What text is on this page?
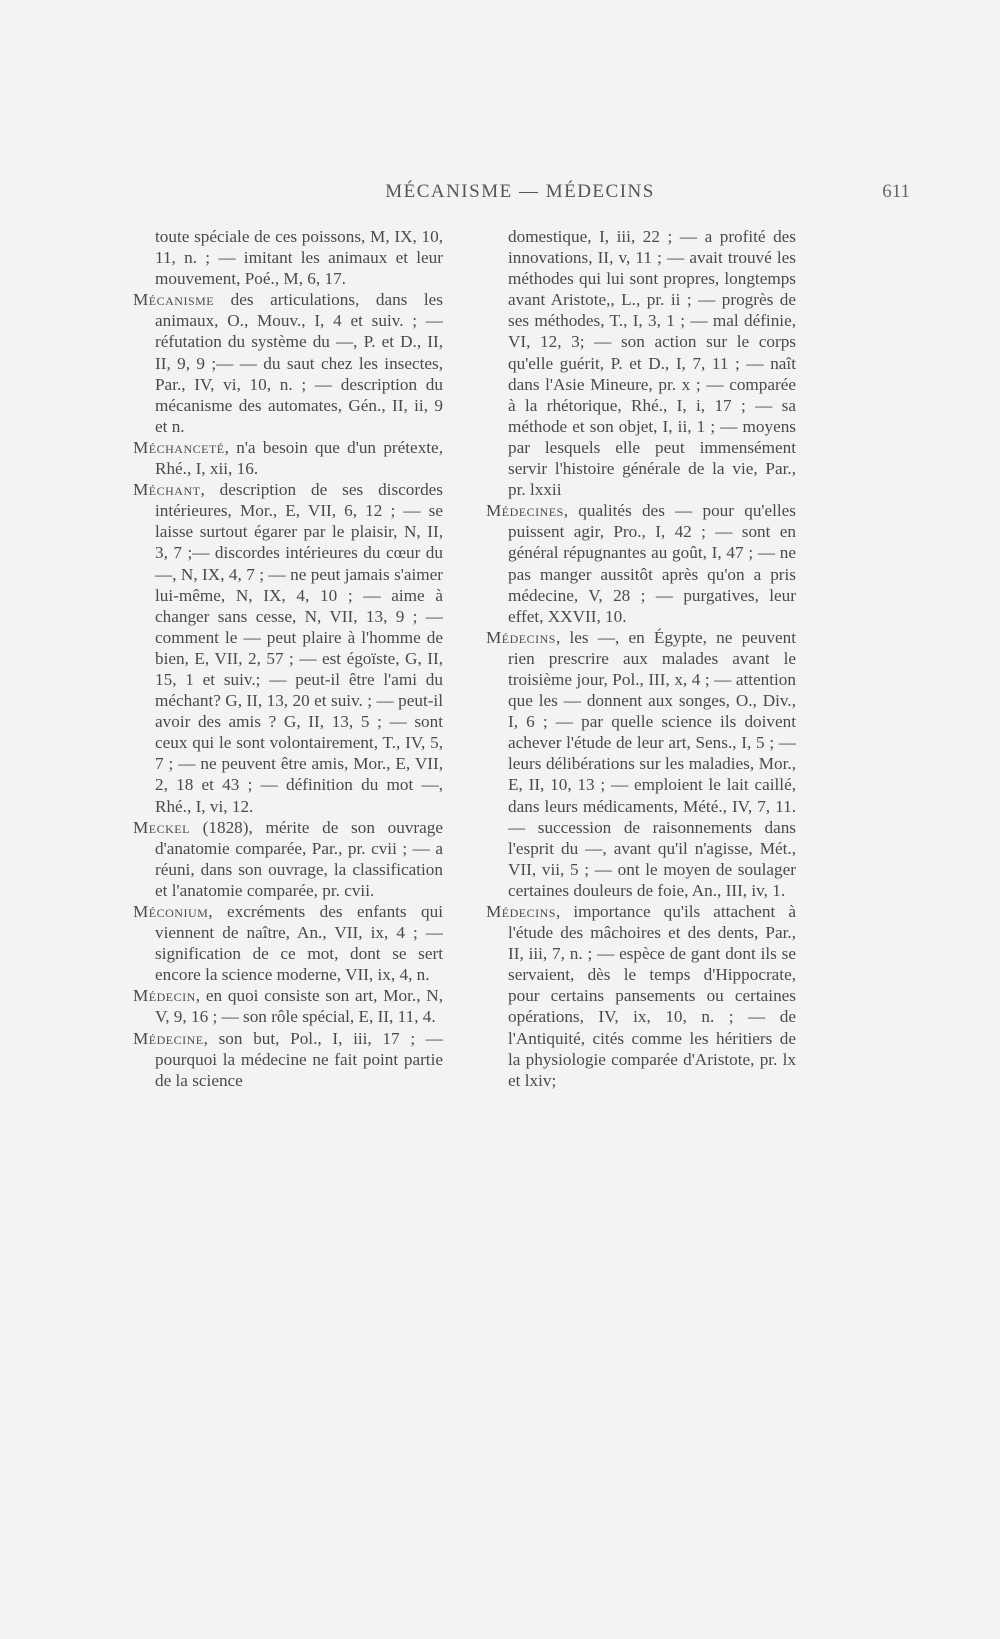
MÉCANISME — MÉDECINS	611

toute spéciale de ces poissons, M, IX, 10, 11, n. ; — imitant les animaux et leur mouvement, Poé., M, 6, 17.

Mécanisme des articulations, dans les animaux, O., Mouv., I, 4 et suiv. ; — réfutation du système du —, P. et D., II, II, 9, 9 ;— — du saut chez les insectes, Par., IV, vi, 10, n. ; — description du mécanisme des automates, Gén., II, ii, 9 et n.

Méchanceté, n'a besoin que d'un prétexte, Rhé., I, xii, 16.

Méchant, description de ses discordes intérieures, Mor., E, VII, 6, 12 ; — se laisse surtout égarer par le plaisir, N, II, 3, 7 ;— discordes intérieures du cœur du —, N, IX, 4, 7 ; — ne peut jamais s'aimer lui-même, N, IX, 4, 10 ; — aime à changer sans cesse, N, VII, 13, 9 ; — comment le — peut plaire à l'homme de bien, E, VII, 2, 57 ; — est égoïste, G, II, 15, 1 et suiv.; — peut-il être l'ami du méchant? G, II, 13, 20 et suiv. ; — peut-il avoir des amis ? G, II, 13, 5 ; — sont ceux qui le sont volontairement, T., IV, 5, 7 ; — ne peuvent être amis, Mor., E, VII, 2, 18 et 43 ; — définition du mot —, Rhé., I, vi, 12.

Meckel (1828), mérite de son ouvrage d'anatomie comparée, Par., pr. cvii ; — a réuni, dans son ouvrage, la classification et l'anatomie comparée, pr. cvii.

Méconium, excréments des enfants qui viennent de naître, An., VII, ix, 4 ; — signification de ce mot, dont se sert encore la science moderne, VII, ix, 4, n.

Médecin, en quoi consiste son art, Mor., N, V, 9, 16 ; — son rôle spécial, E, II, 11, 4.

Médecine, son but, Pol., I, iii, 17 ; — pourquoi la médecine ne fait point partie de la science

domestique, I, iii, 22 ; — a profité des innovations, II, v, 11 ; — avait trouvé les méthodes qui lui sont propres, longtemps avant Aristote,, L., pr. ii ; — progrès de ses méthodes, T., I, 3, 1 ; — mal définie, VI, 12, 3; — son action sur le corps qu'elle guérit, P. et D., I, 7, 11 ; — naît dans l'Asie Mineure, pr. x ; — comparée à la rhétorique, Rhé., I, i, 17 ; — sa méthode et son objet, I, ii, 1 ; — moyens par lesquels elle peut immensément servir l'histoire générale de la vie, Par., pr. lxxii

Médecines, qualités des — pour qu'elles puissent agir, Pro., I, 42 ; — sont en général répugnantes au goût, I, 47 ; — ne pas manger aussitôt après qu'on a pris médecine, V, 28 ; — purgatives, leur effet, XXVII, 10.

Médecins, les —, en Égypte, ne peuvent rien prescrire aux malades avant le troisième jour, Pol., III, x, 4 ; — attention que les — donnent aux songes, O., Div., I, 6 ; — par quelle science ils doivent achever l'étude de leur art, Sens., I, 5 ; — leurs délibérations sur les maladies, Mor., E, II, 10, 13 ; — emploient le lait caillé, dans leurs médicaments, Mété., IV, 7, 11. — succession de raisonnements dans l'esprit du —, avant qu'il n'agisse, Mét., VII, vii, 5 ; — ont le moyen de soulager certaines douleurs de foie, An., III, iv, 1.

Médecins, importance qu'ils attachent à l'étude des mâchoires et des dents, Par., II, iii, 7, n. ; — espèce de gant dont ils se servaient, dès le temps d'Hippocrate, pour certains pansements ou certaines opérations, IV, ix, 10, n. ; — de l'Antiquité, cités comme les héritiers de la physiologie comparée d'Aristote, pr. lx et lxiv;
